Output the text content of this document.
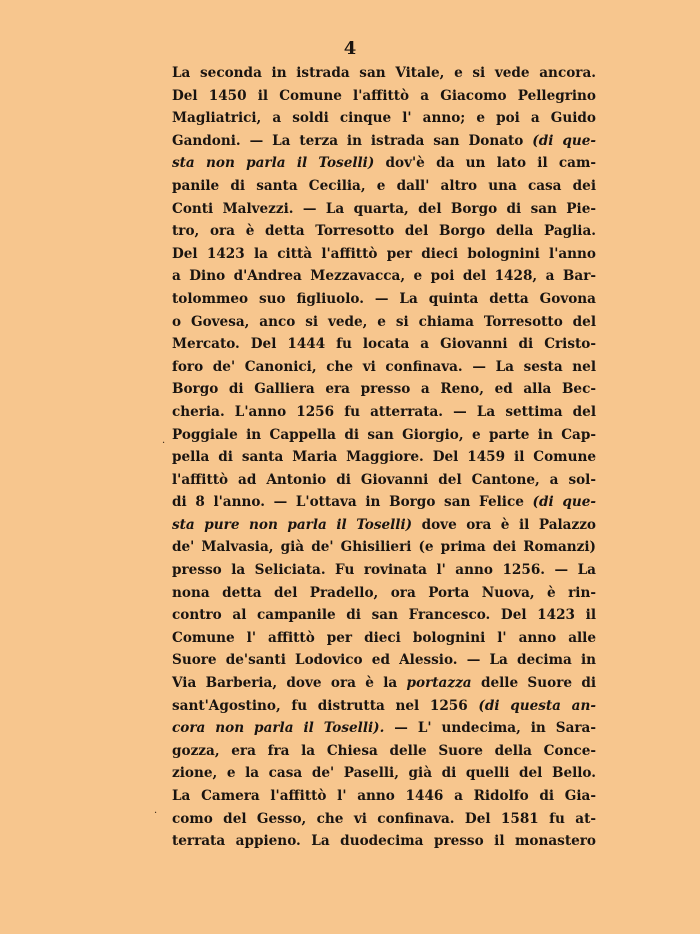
4
La seconda in istrada san Vitale, e si vede ancora.
Del 1450 il Comune l'affittò a Giacomo Pellegrino
Magliatrici, a soldi cinque l' anno; e poi a Guido
Gandoni. — La terza in istrada san Donato (di que-
sta non parla il Toselli) dov'è da un lato il cam-
panile di santa Cecilia, e dall' altro una casa dei
Conti Malvezzi. — La quarta, del Borgo di san Pie-
tro, ora è detta Torresotto del Borgo della Paglia.
Del 1423 la città l'affittò per dieci bolognini l'anno
a Dino d'Andrea Mezzavacca, e poi del 1428, a Bar-
tolommeo suo figliuolo. — La quinta detta Govona
o Govesa, anco si vede, e si chiama Torresotto del
Mercato. Del 1444 fu locata a Giovanni di Cristo-
foro de' Canonici, che vi confinava. — La sesta nel
Borgo di Galliera era presso a Reno, ed alla Bec-
cheria. L'anno 1256 fu atterrata. — La settima del
Poggiale in Cappella di san Giorgio, e parte in Cap-
pella di santa Maria Maggiore. Del 1459 il Comune
l'affittò ad Antonio di Giovanni del Cantone, a sol-
di 8 l'anno. — L'ottava in Borgo san Felice (di que-
sta pure non parla il Toselli) dove ora è il Palazzo
de' Malvasia, già de' Ghisilieri (e prima dei Romanzi)
presso la Seliciata. Fu rovinata l' anno 1256. — La
nona detta del Pradello, ora Porta Nuova, è rin-
contro al campanile di san Francesco. Del 1423 il
Comune l' affittò per dieci bolognini l' anno alle
Suore de'santi Lodovico ed Alessio. — La decima in
Via Barberia, dove ora è la portazza delle Suore di
sant'Agostino, fu distrutta nel 1256 (di questa an-
cora non parla il Toselli). — L' undecima, in Sara-
gozza, era fra la Chiesa delle Suore della Conce-
zione, e la casa de' Paselli, già di quelli del Bello.
La Camera l'affittò l' anno 1446 a Ridolfo di Gia-
como del Gesso, che vi confinava. Del 1581 fu at-
terrata appieno. La duodecima presso il monastero
·
·
